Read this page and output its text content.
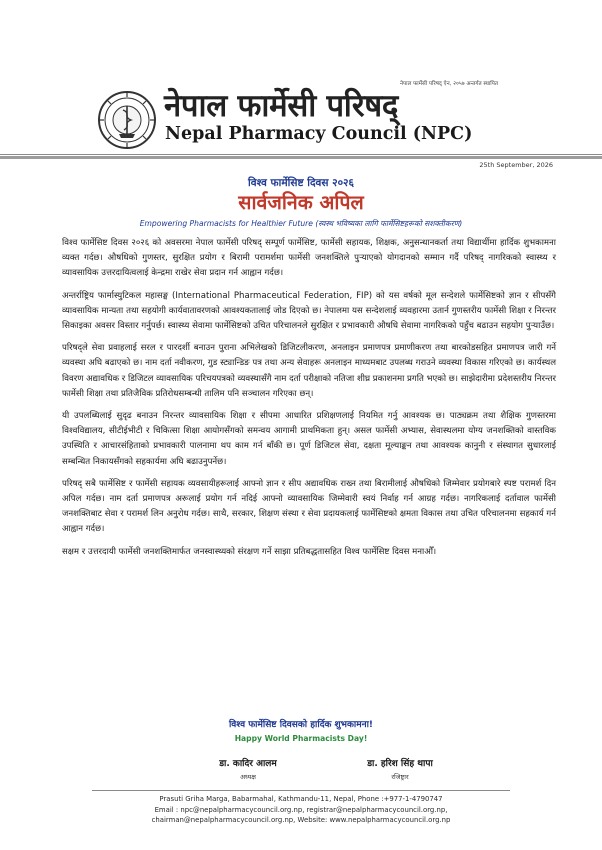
नेपाल फार्मेसी परिषद् ऐन, २०५७ अन्तर्गत स्थापित
नेपाल फार्मेसी परिषद्
Nepal Pharmacy Council (NPC)
25th September, 2026
विश्व फार्मेसिष्ट दिवस २०२६
सार्वजनिक अपिल
Empowering Pharmacists for Healthier Future (स्वस्थ भविष्यका लागि फार्मेसिष्टहरूको सशक्तीकरण)

विश्व फार्मेसिष्ट दिवस २०२६ को अवसरमा नेपाल फार्मेसी परिषद् सम्पूर्ण फार्मेसिष्ट, फार्मेसी सहायक, शिक्षक, अनुसन्धानकर्ता तथा विद्यार्थीमा हार्दिक शुभकामना व्यक्त गर्दछ। औषधिको गुणस्तर, सुरक्षित प्रयोग र बिरामी परामर्शमा फार्मेसी जनशक्तिले पुर्‍याएको योगदानको सम्मान गर्दै परिषद् नागरिकको स्वास्थ्य र व्यावसायिक उत्तरदायित्वलाई केन्द्रमा राखेर सेवा प्रदान गर्न आह्वान गर्दछ।

अन्तर्राष्ट्रिय फार्मास्युटिकल महासङ्घ (International Pharmaceutical Federation, FIP) को यस वर्षको मूल सन्देशले फार्मेसिष्टको ज्ञान र सीपसँगै व्यावसायिक मान्यता तथा सहयोगी कार्यवातावरणको आवश्यकतालाई जोड दिएको छ। नेपालमा यस सन्देशलाई व्यवहारमा उतार्न गुणस्तरीय फार्मेसी शिक्षा र निरन्तर सिकाइका अवसर विस्तार गर्नुपर्छ। स्वास्थ्य सेवामा फार्मेसिष्टको उचित परिचालनले सुरक्षित र प्रभावकारी औषधि सेवामा नागरिकको पहुँच बढाउन सहयोग पुर्‍याउँछ।

परिषद्ले सेवा प्रवाहलाई सरल र पारदर्शी बनाउन पुराना अभिलेखको डिजिटलीकरण, अनलाइन प्रमाणपत्र प्रमाणीकरण तथा बारकोडसहित प्रमाणपत्र जारी गर्ने व्यवस्था अघि बढाएको छ। नाम दर्ता नवीकरण, गुड स्ट्यान्डिङ पत्र तथा अन्य सेवाहरू अनलाइन माध्यमबाट उपलब्ध गराउने व्यवस्था विकास गरिएको छ। कार्यस्थल विवरण अद्यावधिक र डिजिटल व्यावसायिक परिचयपत्रको व्यवस्थासँगै नाम दर्ता परीक्षाको नतिजा शीघ्र प्रकाशनमा प्रगति भएको छ। साझेदारीमा प्रदेशस्तरीय निरन्तर फार्मेसी शिक्षा तथा प्रतिजैविक प्रतिरोधसम्बन्धी तालिम पनि सञ्चालन गरिएका छन्।

यी उपलब्धिलाई सुदृढ बनाउन निरन्तर व्यावसायिक शिक्षा र सीपमा आधारित प्रशिक्षणलाई नियमित गर्नु आवश्यक छ। पाठ्यक्रम तथा शैक्षिक गुणस्तरमा विश्वविद्यालय, सीटीईभीटी र चिकित्सा शिक्षा आयोगसँगको समन्वय आगामी प्राथमिकता हुन्। असल फार्मेसी अभ्यास, सेवास्थलमा योग्य जनशक्तिको वास्तविक उपस्थिति र आचारसंहिताको प्रभावकारी पालनामा थप काम गर्न बाँकी छ। पूर्ण डिजिटल सेवा, दक्षता मूल्याङ्कन तथा आवश्यक कानुनी र संस्थागत सुधारलाई सम्बन्धित निकायसँगको सहकार्यमा अघि बढाउनुपर्नेछ।

परिषद् सबै फार्मेसिष्ट र फार्मेसी सहायक व्यवसायीहरूलाई आफ्नो ज्ञान र सीप अद्यावधिक राख्न तथा बिरामीलाई औषधिको जिम्मेवार प्रयोगबारे स्पष्ट परामर्श दिन अपिल गर्दछ। नाम दर्ता प्रमाणपत्र अरूलाई प्रयोग गर्न नदिई आफ्नो व्यावसायिक जिम्मेवारी स्वयं निर्वाह गर्न आग्रह गर्दछ। नागरिकलाई दर्तावाल फार्मेसी जनशक्तिबाट सेवा र परामर्श लिन अनुरोध गर्दछ। साथै, सरकार, शिक्षण संस्था र सेवा प्रदायकलाई फार्मेसिष्टको क्षमता विकास तथा उचित परिचालनमा सहकार्य गर्न आह्वान गर्दछ।

सक्षम र उत्तरदायी फार्मेसी जनशक्तिमार्फत जनस्वास्थ्यको संरक्षण गर्ने साझा प्रतिबद्धतासहित विश्व फार्मेसिष्ट दिवस मनाऔँ।

विश्व फार्मेसिष्ट दिवसको हार्दिक शुभकामना!
Happy World Pharmacists Day!
डा. कादिर आलम
अध्यक्ष
डा. हरिश सिंह थापा
रजिष्ट्रार
Prasuti Griha Marga, Babarmahal, Kathmandu-11, Nepal, Phone :+977-1-4790747
Email : npc@nepalpharmacycouncil.org.np, registrar@nepalpharmacycouncil.org.np,
chairman@nepalpharmacycouncil.org.np, Website: www.nepalpharmacycouncil.org.np
